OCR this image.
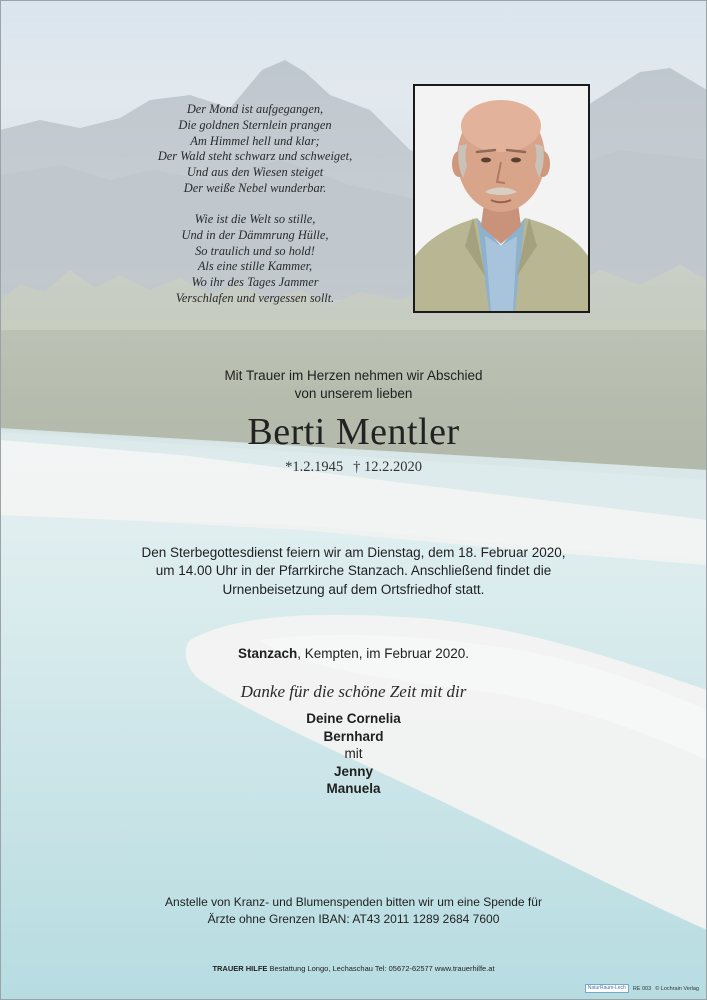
Der Mond ist aufgegangen,
Die goldnen Sternlein prangen
Am Himmel hell und klar;
Der Wald steht schwarz und schweiget,
Und aus den Wiesen steiget
Der weiße Nebel wunderbar.
Wie ist die Welt so stille,
Und in der Dämmrung Hülle,
So traulich und so hold!
Als eine stille Kammer,
Wo ihr des Tages Jammer
Verschlafen und vergessen sollt.
Mit Trauer im Herzen nehmen wir Abschied
von unserem lieben
Berti Mentler
*1.2.1945 † 12.2.2020
Den Sterbegottesdienst feiern wir am Dienstag, dem 18. Februar 2020,
um 14.00 Uhr in der Pfarrkirche Stanzach. Anschließend findet die
Urnenbeisetzung auf dem Ortsfriedhof statt.
Stanzach, Kempten, im Februar 2020.
Danke für die schöne Zeit mit dir
Deine Cornelia
Bernhard
mit
Jenny
Manuela
Anstelle von Kranz- und Blumenspenden bitten wir um eine Spende für
Ärzte ohne Grenzen IBAN: AT43 2011 1289 2684 7600
TRAUER HILFE Bestattung Longo, Lechaschau Tel: 05672-62577 www.trauerhilfe.at
NaturRaum-Lech	RE 003 © Lochrain Verlag
